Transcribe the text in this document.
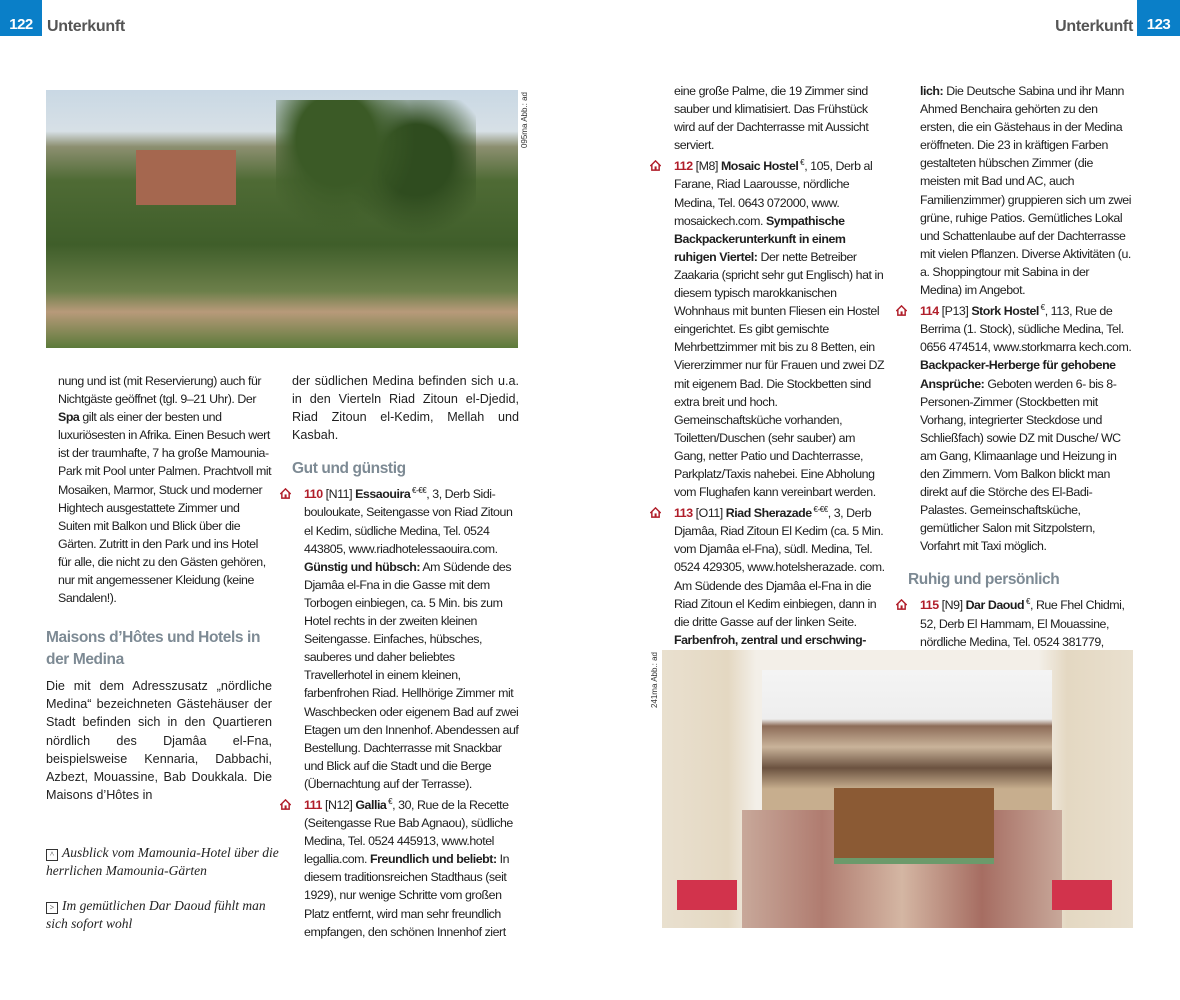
122 Unterkunft	Unterkunft 123
095ma Abb.: ad
241ma Abb.: ad

nung und ist (mit Reservierung) auch für Nichtgäste geöffnet (tgl. 9–21 Uhr). Der Spa gilt als einer der besten und luxuriösesten in Afrika. Einen Besuch wert ist der traumhafte, 7 ha große Mamounia-Park mit Pool unter Palmen. Prachtvoll mit Mosaiken, Marmor, Stuck und moderner Hightech ausgestattete Zimmer und Suiten mit Balkon und Blick über die Gärten. Zutritt in den Park und ins Hotel für alle, die nicht zu den Gästen gehören, nur mit angemessener Kleidung (keine Sandalen!).

Maisons d’Hôtes und Hotels in der Medina

Die mit dem Adresszusatz „nördliche Medina“ bezeichneten Gästehäuser der Stadt befinden sich in den Quartieren nördlich des Djamâa el-Fna, beispielsweise Kennaria, Dabbachi, Azbezt, Mouassine, Bab Doukkala. Die Maisons d’Hôtes in

der südlichen Medina befinden sich u.a. in den Vierteln Riad Zitoun el-Djedid, Riad Zitoun el-Kedim, Mellah und Kasbah.

Gut und günstig

110 [N11] Essaouira €-€€, 3, Derb Sidi-bouloukate, Seitengasse von Riad Zitoun el Kedim, südliche Medina, Tel. 0524 443805, www.riadhotelessaouira.com. Günstig und hübsch: Am Südende des Djamâa el-Fna in die Gasse mit dem Torbogen einbiegen, ca. 5 Min. bis zum Hotel rechts in der zweiten kleinen Seitengasse. Einfaches, hübsches, sauberes und daher beliebtes Travellerhotel in einem kleinen, farbenfrohen Riad. Hellhörige Zimmer mit Waschbecken oder eigenem Bad auf zwei Etagen um den Innenhof. Abendessen auf Bestellung. Dachterrasse mit Snackbar und Blick auf die Stadt und die Berge (Übernachtung auf der Terrasse).

111 [N12] Gallia €, 30, Rue de la Recette (Seitengasse Rue Bab Agnaou), südliche Medina, Tel. 0524 445913, www.hotel legallia.com. Freundlich und beliebt: In diesem traditionsreichen Stadthaus (seit 1929), nur wenige Schritte vom großen Platz entfernt, wird man sehr freundlich empfangen, den schönen Innenhof ziert

eine große Palme, die 19 Zimmer sind sauber und klimatisiert. Das Frühstück wird auf der Dachterrasse mit Aussicht serviert.

112 [M8] Mosaic Hostel €, 105, Derb al Farane, Riad Laarousse, nördliche Medina, Tel. 0643 072000, www. mosaickech.com. Sympathische Backpackerunterkunft in einem ruhigen Viertel: Der nette Betreiber Zaakaria (spricht sehr gut Englisch) hat in diesem typisch marokkanischen Wohnhaus mit bunten Fliesen ein Hostel eingerichtet. Es gibt gemischte Mehrbettzimmer mit bis zu 8 Betten, ein Viererzimmer nur für Frauen und zwei DZ mit eigenem Bad. Die Stockbetten sind extra breit und hoch. Gemeinschaftsküche vorhanden, Toiletten/Duschen (sehr sauber) am Gang, netter Patio und Dachterrasse, Parkplatz/Taxis nahebei. Eine Abholung vom Flughafen kann vereinbart werden.

113 [O11] Riad Sherazade €-€€, 3, Derb Djamâa, Riad Zitoun El Kedim (ca. 5 Min. vom Djamâa el-Fna), südl. Medina, Tel. 0524 429305, www.hotelsherazade. com. Am Südende des Djamâa el-Fna in die Riad Zitoun el Kedim einbiegen, dann in die dritte Gasse auf der linken Seite. Farbenfroh, zentral und erschwing-

lich: Die Deutsche Sabina und ihr Mann Ahmed Benchaira gehörten zu den ersten, die ein Gästehaus in der Medina eröffneten. Die 23 in kräftigen Farben gestalteten hübschen Zimmer (die meisten mit Bad und AC, auch Familienzimmer) gruppieren sich um zwei grüne, ruhige Patios. Gemütliches Lokal und Schattenlaube auf der Dachterrasse mit vielen Pflanzen. Diverse Aktivitäten (u. a. Shoppingtour mit Sabina in der Medina) im Angebot.

114 [P13] Stork Hostel €, 113, Rue de Berrima (1. Stock), südliche Medina, Tel. 0656 474514, www.storkmarra kech.com. Backpacker-Herberge für gehobene Ansprüche: Geboten werden 6- bis 8-Personen-Zimmer (Stockbetten mit Vorhang, integrierter Steckdose und Schließfach) sowie DZ mit Dusche/ WC am Gang, Klimaanlage und Heizung in den Zimmern. Vom Balkon blickt man direkt auf die Störche des El-Badi-Palastes. Gemeinschaftsküche, gemütlicher Salon mit Sitzpolstern, Vorfahrt mit Taxi möglich.

Ruhig und persönlich

115 [N9] Dar Daoud €, Rue Fhel Chidmi, 52, Derb El Hammam, El Mouassine, nördliche Medina, Tel. 0524 381779,

^ Ausblick vom Mamounia-Hotel über die herrlichen Mamounia-Gärten
> Im gemütlichen Dar Daoud fühlt man sich sofort wohl
